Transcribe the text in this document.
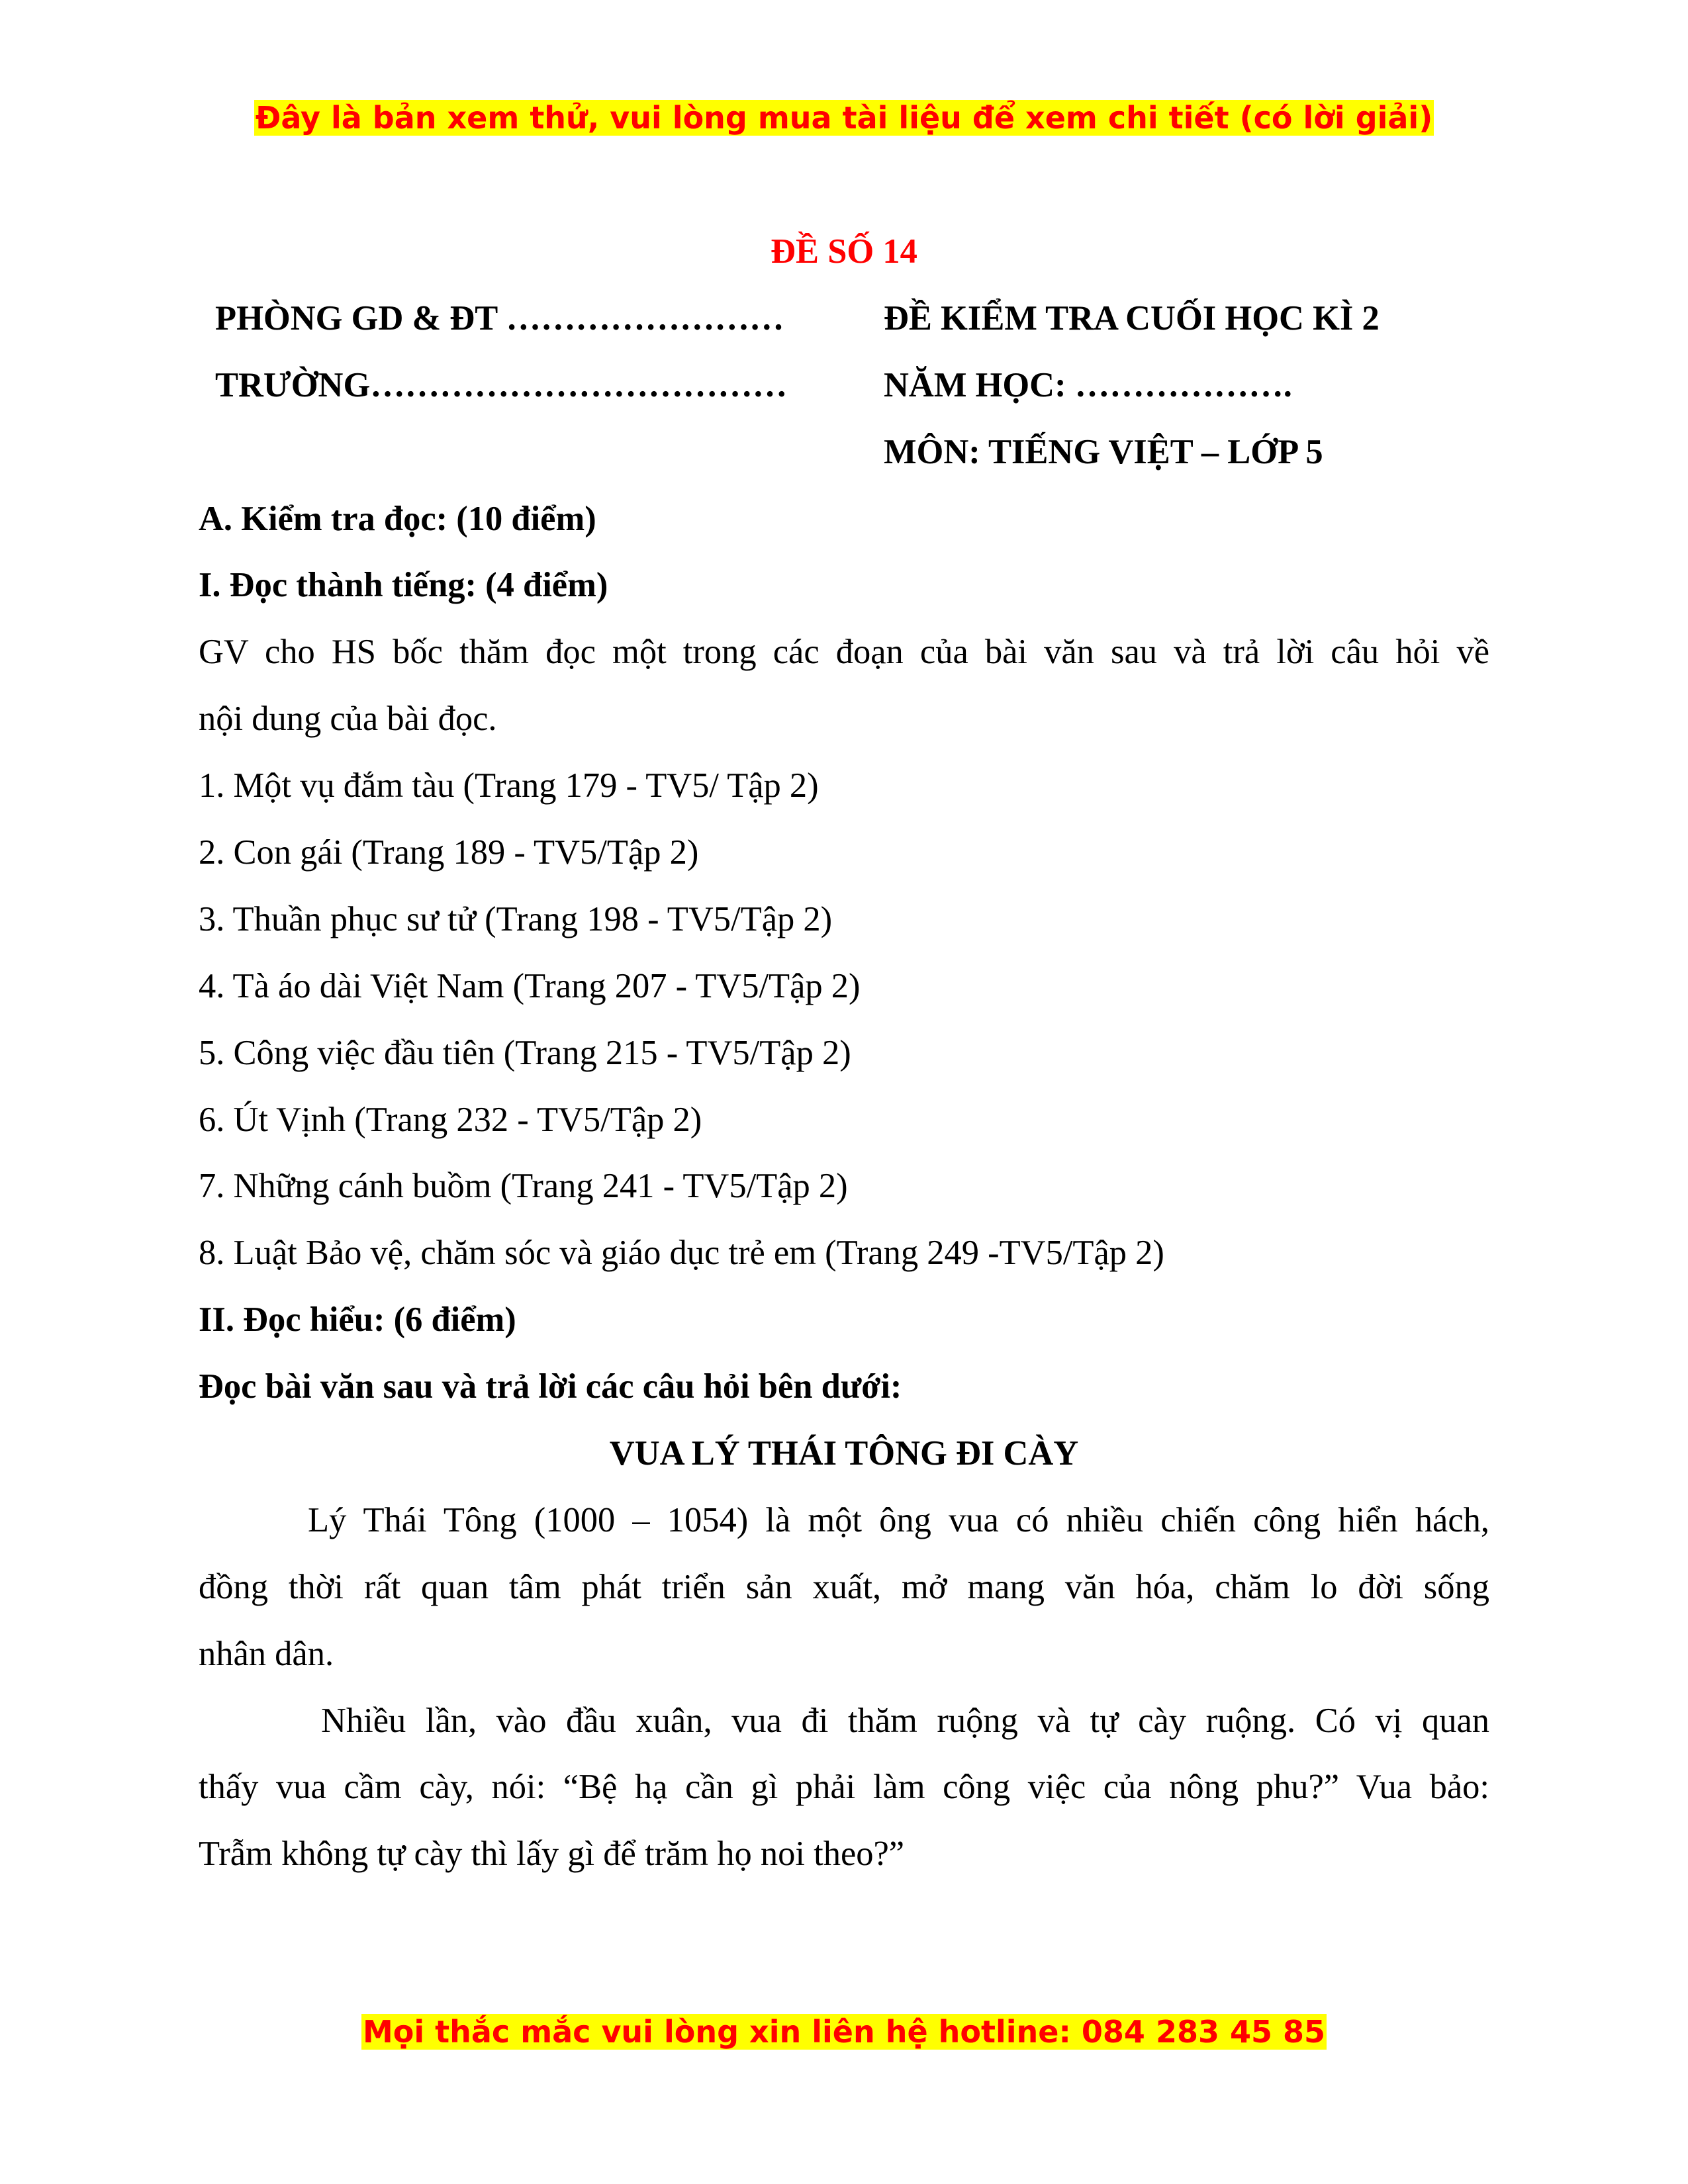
Đây là bản xem thử, vui lòng mua tài liệu để xem chi tiết (có lời giải)
ĐỀ SỐ 14
PHÒNG GD & ĐT ……………………	ĐỀ KIỂM TRA CUỐI HỌC KÌ 2
TRƯỜNG………………………………	NĂM HỌC: ……………….
MÔN: TIẾNG VIỆT – LỚP 5
A. Kiểm tra đọc: (10 điểm)
I. Đọc thành tiếng: (4 điểm)
GV cho HS bốc thăm đọc một trong các đoạn của bài văn sau và trả lời câu hỏi về
nội dung của bài đọc.
1. Một vụ đắm tàu (Trang 179 - TV5/ Tập 2)
2. Con gái (Trang 189 - TV5/Tập 2)
3. Thuần phục sư tử (Trang 198 - TV5/Tập 2)
4. Tà áo dài Việt Nam (Trang 207 - TV5/Tập 2)
5. Công việc đầu tiên (Trang 215 - TV5/Tập 2)
6. Út Vịnh (Trang 232 - TV5/Tập 2)
7. Những cánh buồm (Trang 241 - TV5/Tập 2)
8. Luật Bảo vệ, chăm sóc và giáo dục trẻ em (Trang 249 -TV5/Tập 2)
II. Đọc hiểu: (6 điểm)
Đọc bài văn sau và trả lời các câu hỏi bên dưới:
VUA LÝ THÁI TÔNG ĐI CÀY
Lý Thái Tông (1000 – 1054) là một ông vua có nhiều chiến công hiển hách,
đồng thời rất quan tâm phát triển sản xuất, mở mang văn hóa, chăm lo đời sống
nhân dân.
Nhiều lần, vào đầu xuân, vua đi thăm ruộng và tự cày ruộng. Có vị quan
thấy vua cầm cày, nói: “Bệ hạ cần gì phải làm công việc của nông phu?” Vua bảo:
Trẫm không tự cày thì lấy gì để trăm họ noi theo?”
Mọi thắc mắc vui lòng xin liên hệ hotline: 084 283 45 85
